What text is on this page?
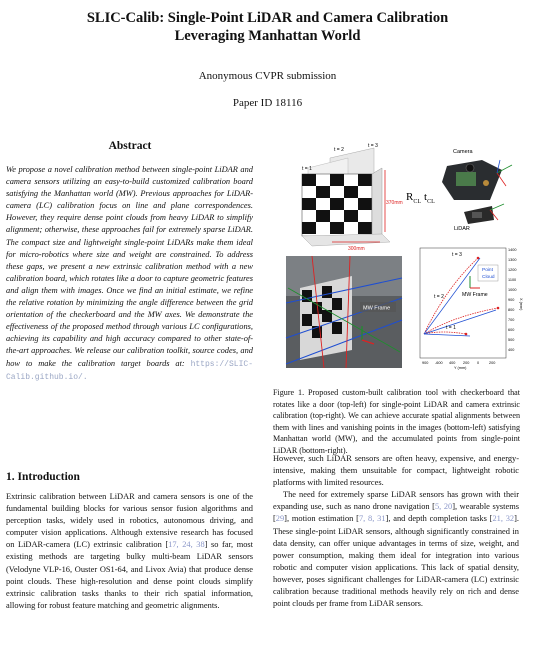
SLIC-Calib: Single-Point LiDAR and Camera Calibration
Leveraging Manhattan World
Anonymous CVPR submission
Paper ID 18116
Abstract
We propose a novel calibration method between single-point LiDAR and camera sensors utilizing an easy-to-build customized calibration board satisfying the Manhattan world (MW). Previous approaches for LiDAR-camera (LC) calibration focus on line and plane correspondences. However, they require dense point clouds from heavy LiDAR to simplify alignment; otherwise, these approaches fail for extremely sparse LiDAR. The compact size and lightweight single-point LiDARs make them ideal for micro-robotics where size and weight are constrained. To address these gaps, we present a new extrinsic calibration method with a new calibration board, which rotates like a door to capture geometric features and align them with images. Once we find an initial estimate, we refine the relative rotation by minimizing the angle difference between the grid orientation of the checkerboard and the MW axes. We demonstrate the effectiveness of the proposed method through various LC configurations, achieving its capability and high accuracy compared to other state-of-the-art approaches. We release our calibration toolkit, source codes, and how to make the calibration target boards at: https://SLIC-Calib.github.io/.
1. Introduction
Extrinsic calibration between LiDAR and camera sensors is one of the fundamental building blocks for various sensor fusion algorithms and perception tasks, widely used in robotics, autonomous driving, and computer vision applications. Although extensive research has focused on LiDAR-camera (LC) extrinsic calibration [17, 24, 38] so far, most existing methods are targeting bulky multi-beam LiDAR sensors (Velodyne VLP-16, Ouster OS1-64, and Livox Avia) that produce dense point clouds. These high-resolution and dense point clouds simplify extrinsic calibration tasks thanks to their rich spatial information, allowing for robust feature matching and geometric alignments.

However, such LiDAR sensors are often heavy, expensive, and energy-intensive, making them unsuitable for compact, lightweight robotic platforms with limited resources.

The need for extremely sparse LiDAR sensors has grown with their expanding use, such as nano drone navigation [5, 20], wearable systems [29], motion estimation [7, 8, 31], and depth completion tasks [21, 32]. These single-point LiDAR sensors, although significantly constrained in data density, can offer unique advantages in terms of size, weight, and power consumption, making them ideal for integration into various robotic and computer vision applications. This lack of spatial density, however, poses significant challenges for LiDAR-camera (LC) extrinsic calibration because traditional methods heavily rely on rich and dense point clouds per frame from LiDAR sensors.

370mm
300mm
t = 3
t = 2
t = 1
$R_{CL}$ $t_{CL}$
Camera
LiDAR
MW Frame
Point
Cloud
MW Frame
t = 3
t = 2
t = 1
900 -600 400 200 0	200
Y (mm)
1400
1300
1200
1100
1000
900
800
700
600
500
400
X (mm)
Figure 1. Proposed custom-built calibration tool with checkerboard that rotates like a door (top-left) for single-point LiDAR and camera extrinsic calibration (top-right). We can achieve accurate spatial alignments between them with lines and vanishing points in the images (bottom-left) satisfying Manhattan world (MW), and the accumulated points from single-point LiDAR (bottom-right).
